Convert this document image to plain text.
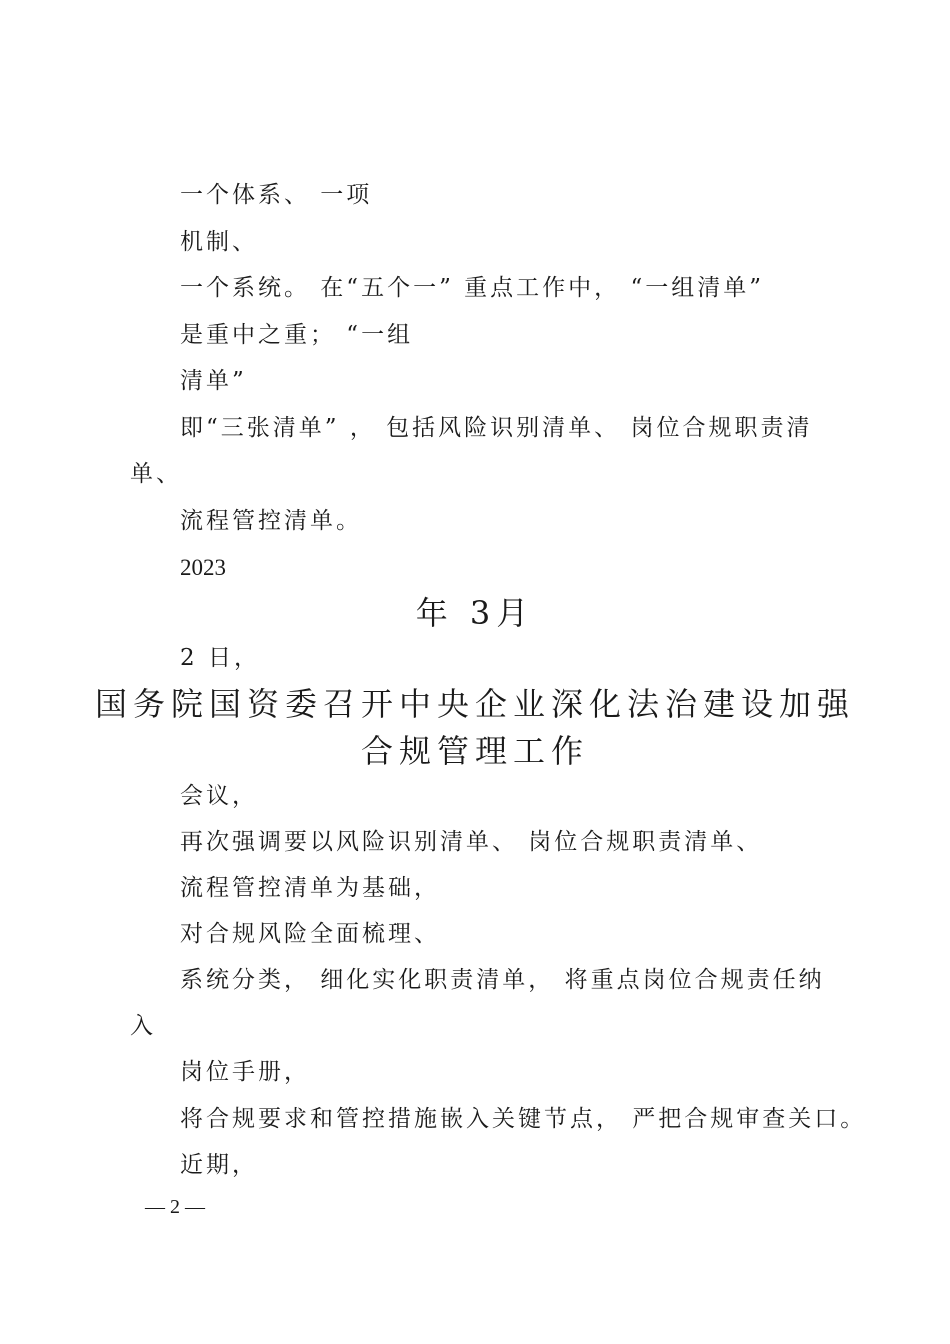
一个体系、 一项
机制、
一个系统。 在“五个一” 重点工作中， “一组清单”
是重中之重； “一组
清单”
即“三张清单” ， 包括风险识别清单、 岗位合规职责清
单、
流程管控清单。
2023
年 3月
2 日，
国务院国资委召开中央企业深化法治建设加强
合规管理工作
会议，
再次强调要以风险识别清单、 岗位合规职责清单、
流程管控清单为基础，
对合规风险全面梳理、
系统分类， 细化实化职责清单， 将重点岗位合规责任纳
入
岗位手册，
将合规要求和管控措施嵌入关键节点， 严把合规审查关口。
近期，
— 2 —
